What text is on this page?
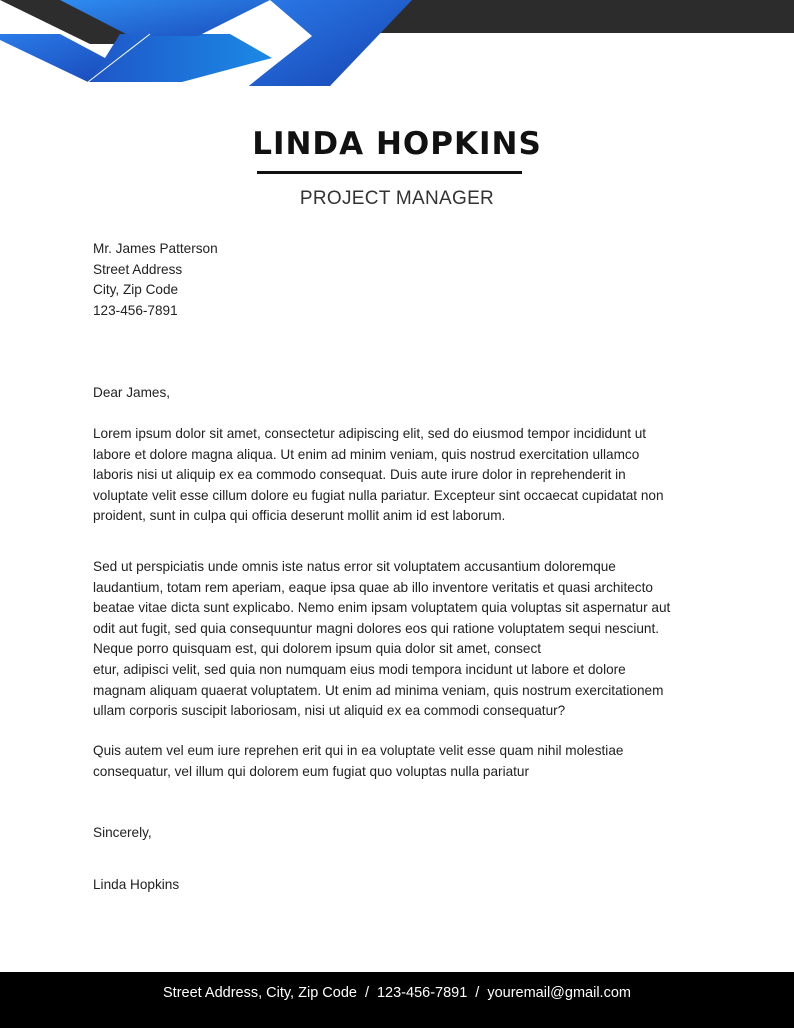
LINDA HOPKINS
PROJECT MANAGER
Mr. James Patterson
Street Address
City, Zip Code
123-456-7891
Dear James,
Lorem ipsum dolor sit amet, consectetur adipiscing elit, sed do eiusmod tempor incididunt ut
labore et dolore magna aliqua. Ut enim ad minim veniam, quis nostrud exercitation ullamco
laboris nisi ut aliquip ex ea commodo consequat. Duis aute irure dolor in reprehenderit in
voluptate velit esse cillum dolore eu fugiat nulla pariatur. Excepteur sint occaecat cupidatat non
proident, sunt in culpa qui officia deserunt mollit anim id est laborum.
Sed ut perspiciatis unde omnis iste natus error sit voluptatem accusantium doloremque
laudantium, totam rem aperiam, eaque ipsa quae ab illo inventore veritatis et quasi architecto
beatae vitae dicta sunt explicabo. Nemo enim ipsam voluptatem quia voluptas sit aspernatur aut
odit aut fugit, sed quia consequuntur magni dolores eos qui ratione voluptatem sequi nesciunt.
Neque porro quisquam est, qui dolorem ipsum quia dolor sit amet, consect
etur, adipisci velit, sed quia non numquam eius modi tempora incidunt ut labore et dolore
magnam aliquam quaerat voluptatem. Ut enim ad minima veniam, quis nostrum exercitationem
ullam corporis suscipit laboriosam, nisi ut aliquid ex ea commodi consequatur?
Quis autem vel eum iure reprehen erit qui in ea voluptate velit esse quam nihil molestiae
consequatur, vel illum qui dolorem eum fugiat quo voluptas nulla pariatur
Sincerely,
Linda Hopkins
Street Address, City, Zip Code / 123-456-7891 / youremail@gmail.com
